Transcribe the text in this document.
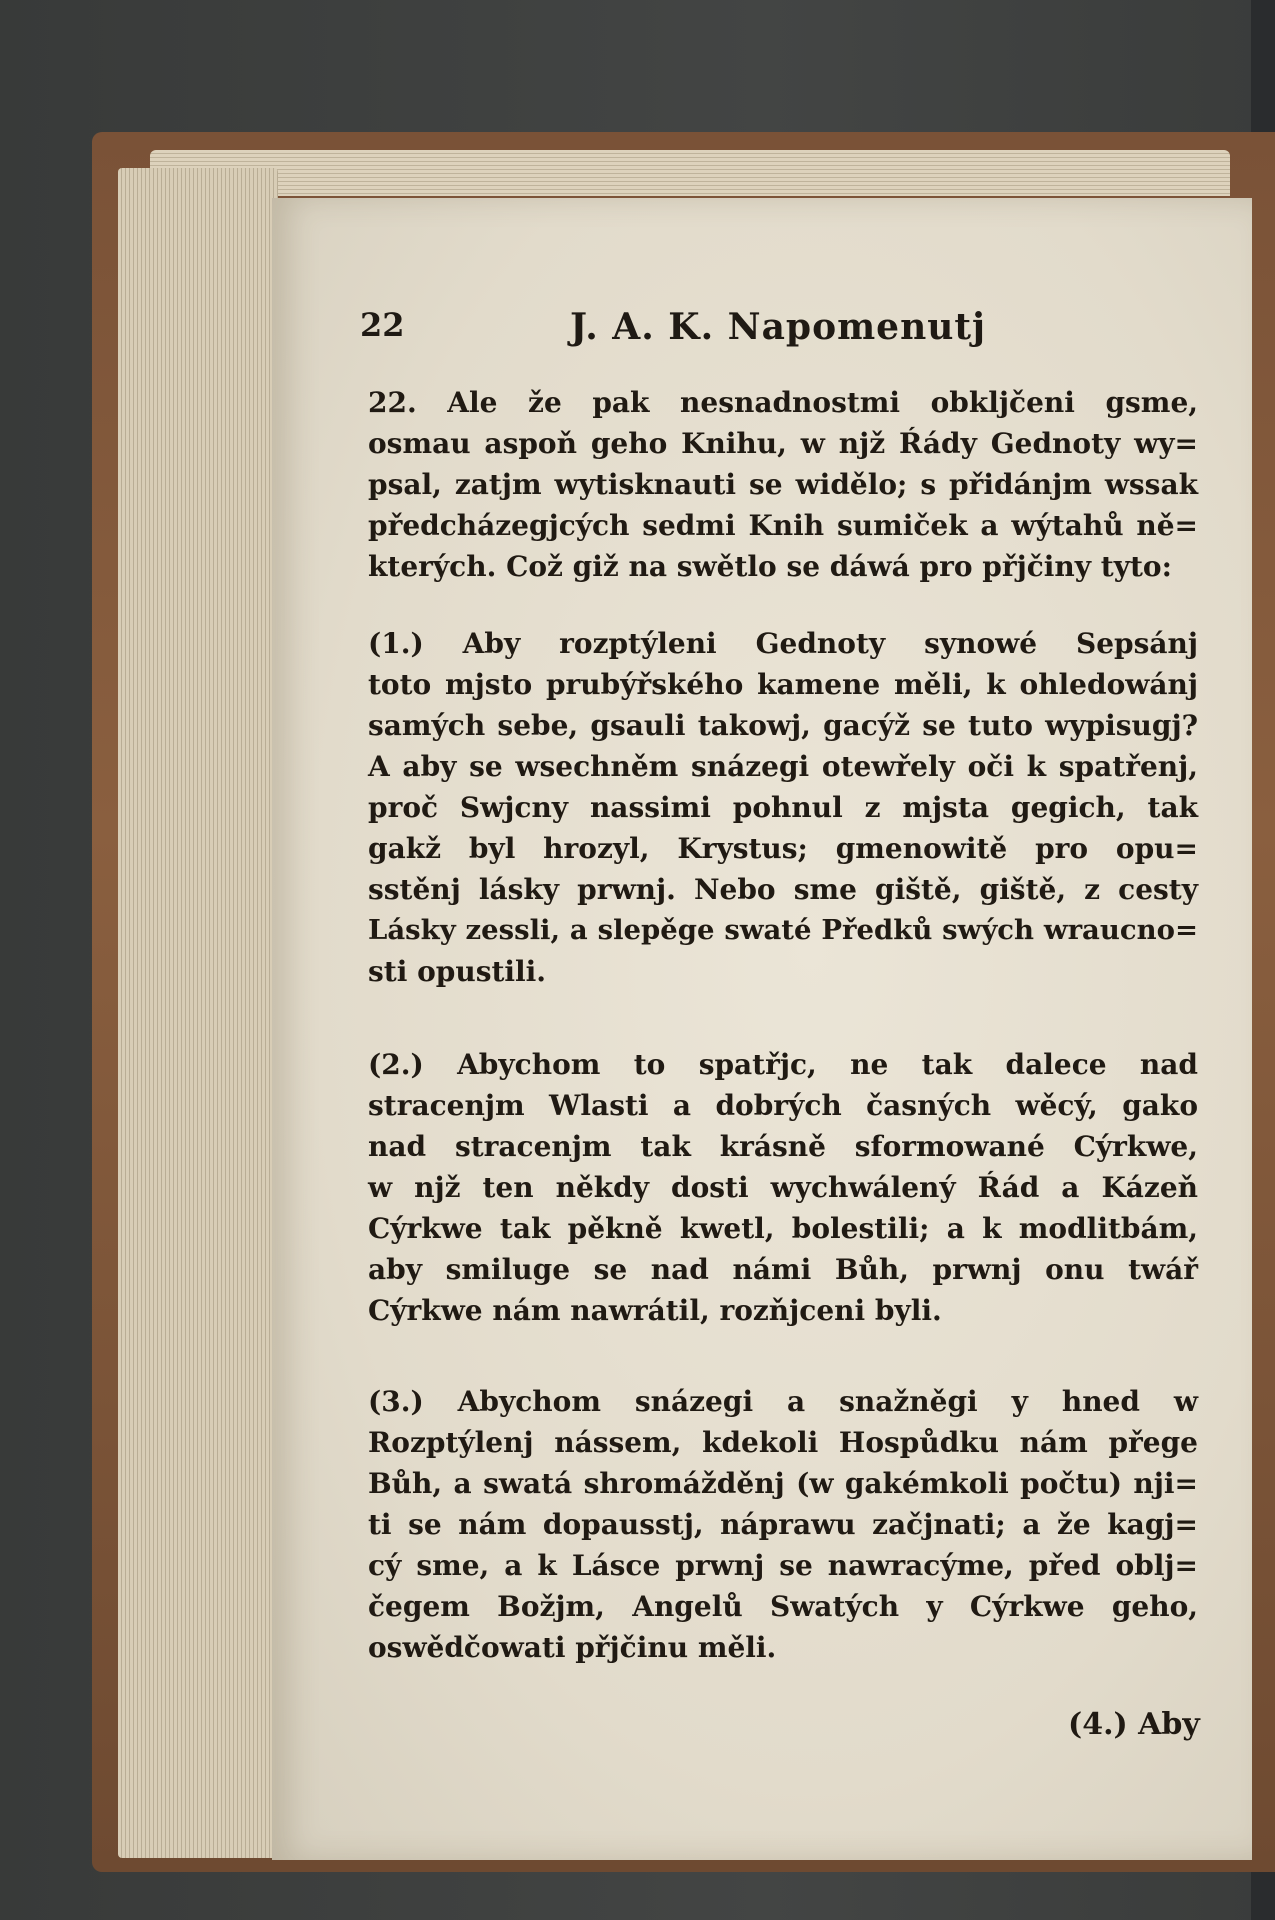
22	J. A. K. Napomenutj
22. Ale že pak nesnadnostmi obkljčeni gsme,
osmau aspoň geho Knihu, w njž Ŕády Gednoty wy=
psal, zatjm wytisknauti se widělo; s přidánjm wssak
předcházegjcých sedmi Knih sumiček a wýtahů ně=
kterých. Což giž na swětlo se dáwá pro přjčiny tyto:
(1.) Aby rozptýleni Gednoty synowé Sepsánj
toto mjsto prubýřského kamene měli, k ohledowánj
samých sebe, gsauli takowj, gacýž se tuto wypisugj?
A aby se wsechněm snázegi otewřely oči k spatřenj,
proč Swjcny nassimi pohnul z mjsta gegich, tak
gakž byl hrozyl, Krystus; gmenowitě pro opu=
sstěnj lásky prwnj. Nebo sme giště, giště, z cesty
Lásky zessli, a slepěge swaté Předků swých wraucno=
sti opustili.
(2.) Abychom to spatřjc, ne tak dalece nad
stracenjm Wlasti a dobrých časných wěcý, gako
nad stracenjm tak krásně sformowané Cýrkwe,
w njž ten někdy dosti wychwálený Ŕád a Kázeň
Cýrkwe tak pěkně kwetl, bolestili; a k modlitbám,
aby smiluge se nad námi Bůh, prwnj onu twář
Cýrkwe nám nawrátil, rozňjceni byli.
(3.) Abychom snázegi a snažněgi y hned w
Rozptýlenj nássem, kdekoli Hospůdku nám přege
Bůh, a swatá shromážděnj (w gakémkoli počtu) nji=
ti se nám dopausstj, náprawu začjnati; a že kagj=
cý sme, a k Lásce prwnj se nawracýme, před oblj=
čegem Božjm, Angelů Swatých y Cýrkwe geho,
oswědčowati přjčinu měli.
(4.) Aby
